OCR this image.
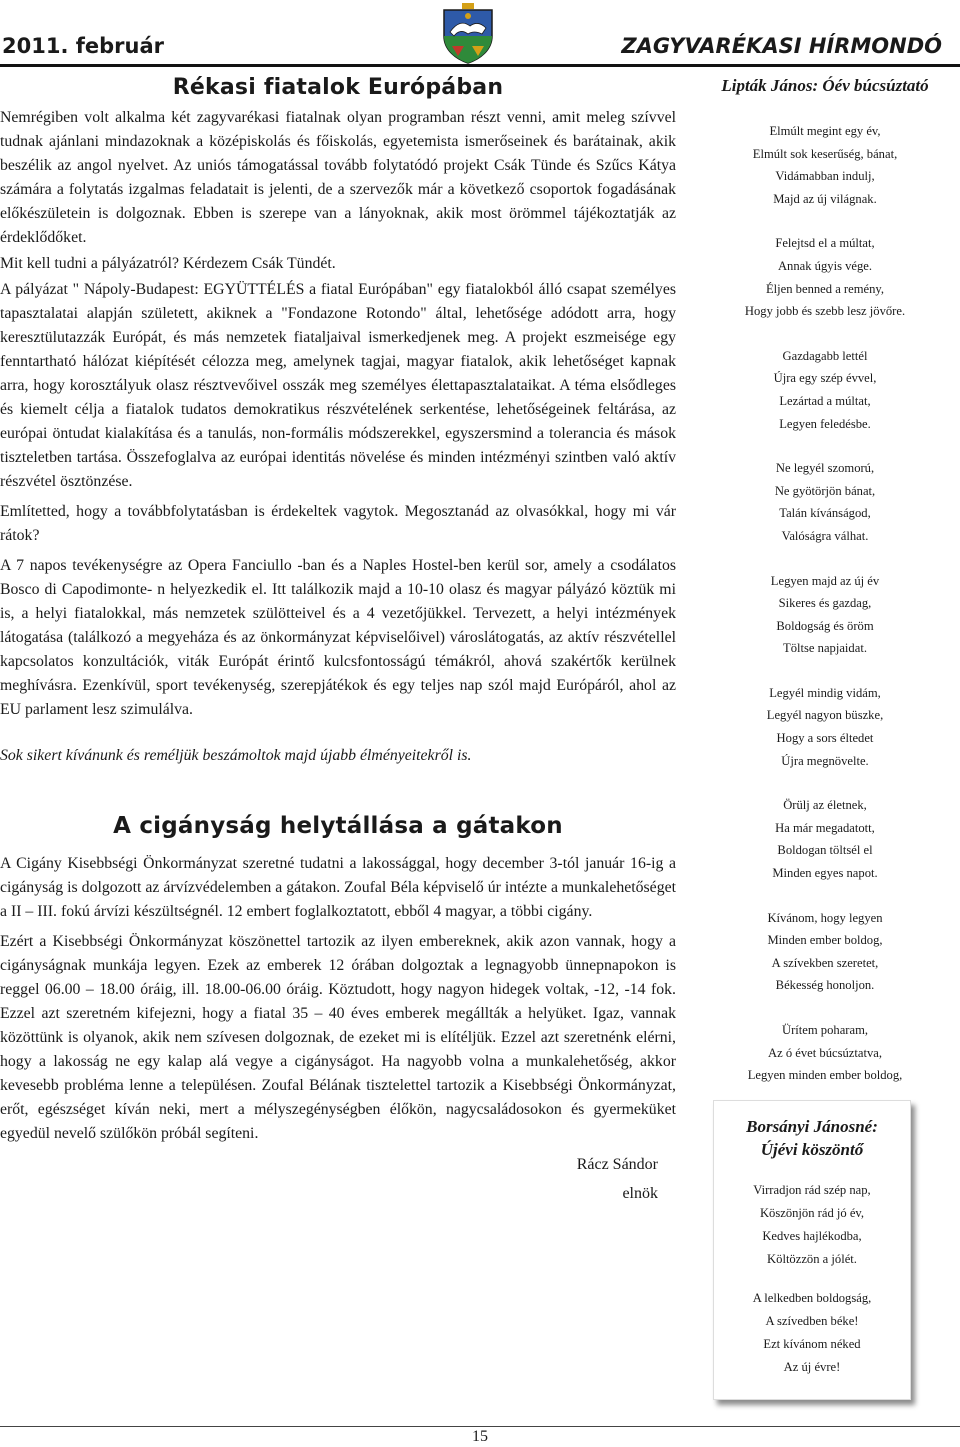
2011. február	ZAGYVARÉKASI HÍRMONDÓ
Rékasi fiatalok Európában

Nemrégiben volt alkalma két zagyvarékasi fiatalnak olyan programban részt venni, amit meleg szívvel tudnak ajánlani mindazoknak a középiskolás és főiskolás, egyetemista ismerőseinek és barátainak, akik beszélik az angol nyelvet. Az uniós támogatással tovább folytatódó projekt Csák Tünde és Szűcs Kátya számára a folytatás izgalmas feladatait is jelenti, de a szervezők már a következő csoportok fogadásának előkészületein is dolgoznak. Ebben is szerepe van a lányoknak, akik most örömmel tájékoztatják az érdeklődőket.

Mit kell tudni a pályázatról? Kérdezem Csák Tündét.

A pályázat " Nápoly-Budapest: EGYÜTTÉLÉS a fiatal Európában" egy fiatalokból álló csapat személyes tapasztalatai alapján született, akiknek a "Fondazone Rotondo" által, lehetősége adódott arra, hogy keresztülutazzák Európát, és más nemzetek fiataljaival ismerkedjenek meg. A projekt eszmeisége egy fenntartható hálózat kiépítését célozza meg, amelynek tagjai, magyar fiatalok, akik lehetőséget kapnak arra, hogy korosztályuk olasz résztvevőivel osszák meg személyes élettapasztalataikat. A téma elsődleges és kiemelt célja a fiatalok tudatos demokratikus részvételének serkentése, lehetőségeinek feltárása, az európai öntudat kialakítása és a tanulás, non-formális módszerekkel, egyszersmind a tolerancia és mások tiszteletben tartása. Összefoglalva az európai identitás növelése és minden intézményi szintben való aktív részvétel ösztönzése.

Említetted, hogy a továbbfolytatásban is érdekeltek vagytok. Megosztanád az olvasókkal, hogy mi vár rátok?

A 7 napos tevékenységre az Opera Fanciullo -ban és a Naples Hostel-ben kerül sor, amely a csodálatos Bosco di Capodimonte- n helyezkedik el. Itt találkozik majd a 10-10 olasz és magyar pályázó köztük mi is, a helyi fiatalokkal, más nemzetek szülötteivel és a 4 vezetőjükkel. Tervezett, a helyi intézmények látogatása (találkozó a megyeháza és az önkormányzat képviselőivel) városlátogatás, az aktív részvétellel kapcsolatos konzultációk, viták Európát érintő kulcsfontosságú témákról, ahová szakértők kerülnek meghívásra. Ezenkívül, sport tevékenység, szerepjátékok és egy teljes nap szól majd Európáról, ahol az EU parlament lesz szimulálva.

Sok sikert kívánunk és reméljük beszámoltok majd újabb élményeitekről is.

A cigányság helytállása a gátakon

A Cigány Kisebbségi Önkormányzat szeretné tudatni a lakossággal, hogy december 3-tól január 16-ig a cigányság is dolgozott az árvízvédelemben a gátakon. Zoufal Béla képviselő úr intézte a munkalehetőséget a II – III. fokú árvízi készültségnél. 12 embert foglalkoztatott, ebből 4 magyar, a többi cigány.

Ezért a Kisebbségi Önkormányzat köszönettel tartozik az ilyen embereknek, akik azon vannak, hogy a cigányságnak munkája legyen. Ezek az emberek 12 órában dolgoztak a legnagyobb ünnepnapokon is reggel 06.00 – 18.00 óráig, ill. 18.00-06.00 óráig. Köztudott, hogy nagyon hidegek voltak, -12, -14 fok. Ezzel azt szeretném kifejezni, hogy a fiatal 35 – 40 éves emberek megállták a helyüket. Igaz, vannak közöttünk is olyanok, akik nem szívesen dolgoznak, de ezeket mi is elítéljük. Ezzel azt szeretnénk elérni, hogy a lakosság ne egy kalap alá vegye a cigányságot. Ha nagyobb volna a munkalehetőség, akkor kevesebb probléma lenne a településen. Zoufal Bélának tisztelettel tartozik a Kisebbségi Önkormányzat, erőt, egészséget kíván neki, mert a mélyszegénységben élőkön, nagycsaládosokon és gyermeküket egyedül nevelő szülőkön próbál segíteni.

Rácz Sándor
elnök
Lipták János: Óév búcsúztató
Elmúlt megint egy év,
Elmúlt sok keserűség, bánat,
Vidámabban indulj,
Majd az új világnak.
Felejtsd el a múltat,
Annak úgyis vége.
Éljen benned a remény,
Hogy jobb és szebb lesz jövőre.
Gazdagabb lettél
Újra egy szép évvel,
Lezártad a múltat,
Legyen feledésbe.
Ne legyél szomorú,
Ne gyötörjön bánat,
Talán kívánságod,
Valóságra válhat.
Legyen majd az új év
Sikeres és gazdag,
Boldogság és öröm
Töltse napjaidat.
Legyél mindig vidám,
Legyél nagyon büszke,
Hogy a sors éltedet
Újra megnövelte.
Örülj az életnek,
Ha már megadatott,
Boldogan töltsél el
Minden egyes napot.
Kívánom, hogy legyen
Minden ember boldog,
A szívekben szeretet,
Békesség honoljon.
Ürítem poharam,
Az ó évet búcsúztatva,
Legyen minden ember boldog,
Borsányi Jánosné:
Újévi köszöntő
Virradjon rád szép nap,
Köszönjön rád jó év,
Kedves hajlékodba,
Költözzön a jólét.
A lelkedben boldogság,
A szívedben béke!
Ezt kívánom néked
Az új évre!
15
